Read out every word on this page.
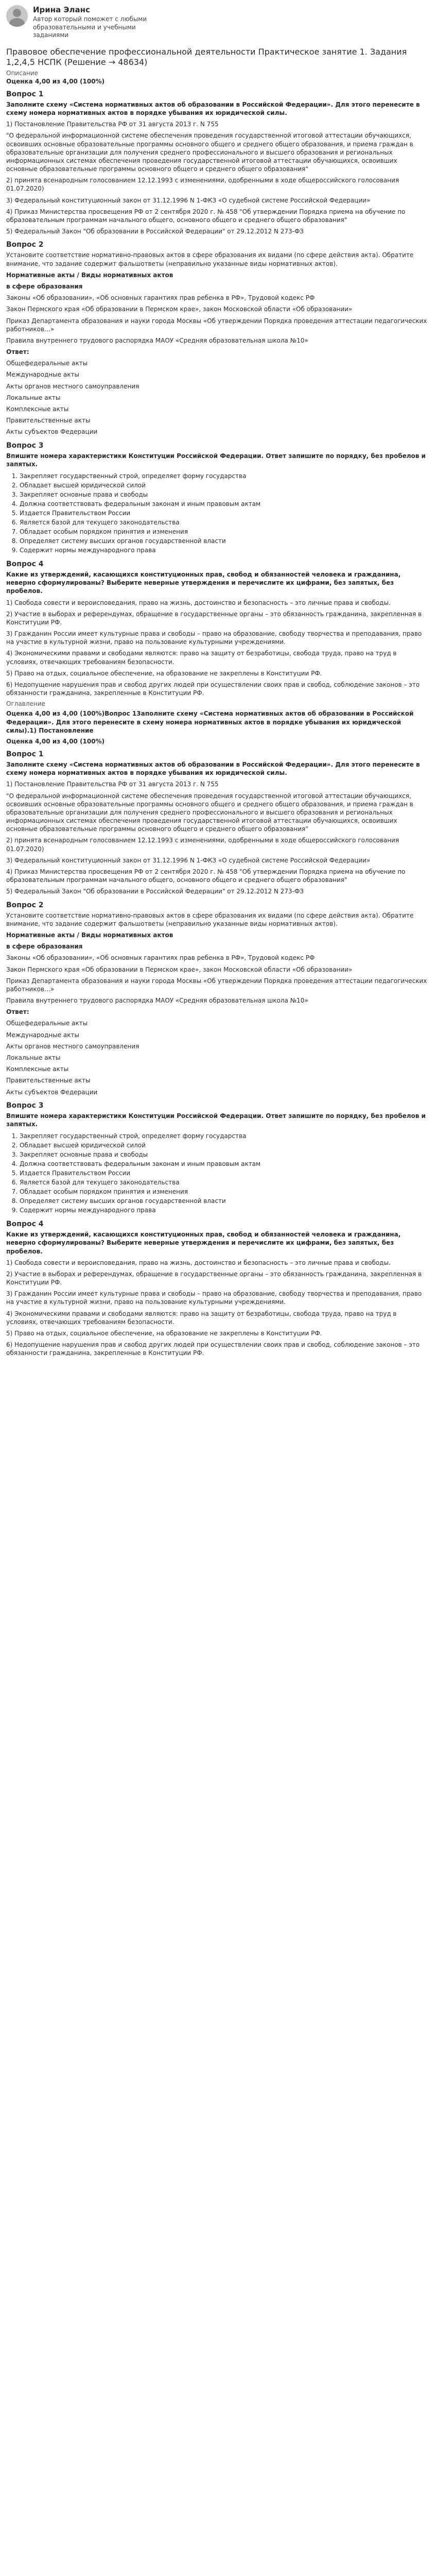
Ирина Эланс
Автор который поможет с любыми образовательными и учебными заданиями
Правовое обеспечение профессиональной деятельности Практическое занятие 1. Задания 1,2,4,5 НСПК (Решение → 48634)
Описание
Оценка 4,00 из 4,00 (100%)
Вопрос 1
Заполните схему «Система нормативных актов об образовании в Российской Федерации». Для этого перенесите в схему номера нормативных актов в порядке убывания их юридической силы.

1) Постановление Правительства РФ от 31 августа 2013 г. N 755

"О федеральной информационной системе обеспечения проведения государственной итоговой аттестации обучающихся, освоивших основные образовательные программы основного общего и среднего общего образования, и приема граждан в образовательные организации для получения среднего профессионального и высшего образования и региональных информационных системах обеспечения проведения государственной итоговой аттестации обучающихся, освоивших основные образовательные программы основного общего и среднего общего образования"

2) принята всенародным голосованием 12.12.1993 с изменениями, одобренными в ходе общероссийского голосования 01.07.2020)

3) Федеральный конституционный закон от 31.12.1996 N 1-ФКЗ «О судебной системе Российской Федерации»

4) Приказ Министерства просвещения РФ от 2 сентября 2020 г. № 458 "Об утверждении Порядка приема на обучение по образовательным программам начального общего, основного общего и среднего общего образования"

5) Федеральный Закон "Об образовании в Российской Федерации" от 29.12.2012 N 273-ФЗ

Вопрос 2

Установите соответствие нормативно-правовых актов в сфере образования их видами (по сфере действия акта). Обратите внимание, что задание содержит фальшответы (неправильно указанные виды нормативных актов).

Нормативные акты / Виды нормативных актов

в сфере образования

Законы «Об образовании», «Об основных гарантиях прав ребенка в РФ», Трудовой кодекс РФ

Закон Пермского края «Об образовании в Пермском крае», закон Московской области «Об образовании»

Приказ Департамента образования и науки города Москвы «Об утверждении Порядка проведения аттестации педагогических работников…»

Правила внутреннего трудового распорядка МАОУ «Средняя образовательная школа №10»

Ответ:

Общефедеральные акты

Международные акты

Акты органов местного самоуправления

Локальные акты

Комплексные акты

Правительственные акты

Акты субъектов Федерации

Вопрос 3
Впишите номера характеристики Конституции Российской Федерации. Ответ запишите по порядку, без пробелов и запятых.
1. Закрепляет государственный строй, определяет форму государства
2. Обладает высшей юридической силой
3. Закрепляет основные права и свободы
4. Должна соответствовать федеральным законам и иным правовым актам
5. Издается Правительством России
6. Является базой для текущего законодательства
7. Обладает особым порядком принятия и изменения
8. Определяет систему высших органов государственной власти
9. Содержит нормы международного права
Вопрос 4
Какие из утверждений, касающихся конституционных прав, свобод и обязанностей человека и гражданина, неверно сформулированы? Выберите неверные утверждения и перечислите их цифрами, без запятых, без пробелов.

1) Свобода совести и вероисповедания, право на жизнь, достоинство и безопасность – это личные права и свободы.

2) Участие в выборах и референдумах, обращение в государственные органы – это обязанность гражданина, закрепленная в Конституции РФ.

3) Гражданин России имеет культурные права и свободы – право на образование, свободу творчества и преподавания, право на участие в культурной жизни, право на пользование культурными учреждениями.

4) Экономическими правами и свободами являются: право на защиту от безработицы, свобода труда, право на труд в условиях, отвечающих требованиям безопасности.

5) Право на отдых, социальное обеспечение, на образование не закреплены в Конституции РФ.

6) Недопущение нарушения прав и свобод других людей при осуществлении своих прав и свобод, соблюдение законов – это обязанности гражданина, закрепленные в Конституции РФ.

Оглавление
Оценка 4,00 из 4,00 (100%)Вопрос 13аполните схему «Система нормативных актов об образовании в Российской Федерации». Для этого перенесите в схему номера нормативных актов в порядке убывания их юридической силы).1) Постановление
Оценка 4,00 из 4,00 (100%)
Вопрос 1
Заполните схему «Система нормативных актов об образовании в Российской Федерации». Для этого перенесите в схему номера нормативных актов в порядке убывания их юридической силы.

1) Постановление Правительства РФ от 31 августа 2013 г. N 755

"О федеральной информационной системе обеспечения проведения государственной итоговой аттестации обучающихся, освоивших основные образовательные программы основного общего и среднего общего образования, и приема граждан в образовательные организации для получения среднего профессионального и высшего образования и региональных информационных системах обеспечения проведения государственной итоговой аттестации обучающихся, освоивших основные образовательные программы основного общего и среднего общего образования"

2) принята всенародным голосованием 12.12.1993 с изменениями, одобренными в ходе общероссийского голосования 01.07.2020)

3) Федеральный конституционный закон от 31.12.1996 N 1-ФКЗ «О судебной системе Российской Федерации»

4) Приказ Министерства просвещения РФ от 2 сентября 2020 г. № 458 "Об утверждении Порядка приема на обучение по образовательным программам начального общего, основного общего и среднего общего образования"

5) Федеральный Закон "Об образовании в Российской Федерации" от 29.12.2012 N 273-ФЗ

Вопрос 2

Установите соответствие нормативно-правовых актов в сфере образования их видами (по сфере действия акта). Обратите внимание, что задание содержит фальшответы (неправильно указанные виды нормативных актов).

Нормативные акты / Виды нормативных актов

в сфере образования

Законы «Об образовании», «Об основных гарантиях прав ребенка в РФ», Трудовой кодекс РФ

Закон Пермского края «Об образовании в Пермском крае», закон Московской области «Об образовании»

Приказ Департамента образования и науки города Москвы «Об утверждении Порядка проведения аттестации педагогических работников…»

Правила внутреннего трудового распорядка МАОУ «Средняя образовательная школа №10»

Ответ:

Общефедеральные акты

Международные акты

Акты органов местного самоуправления

Локальные акты

Комплексные акты

Правительственные акты

Акты субъектов Федерации

Вопрос 3
Впишите номера характеристики Конституции Российской Федерации. Ответ запишите по порядку, без пробелов и запятых.
1. Закрепляет государственный строй, определяет форму государства
2. Обладает высшей юридической силой
3. Закрепляет основные права и свободы
4. Должна соответствовать федеральным законам и иным правовым актам
5. Издается Правительством России
6. Является базой для текущего законодательства
7. Обладает особым порядком принятия и изменения
8. Определяет систему высших органов государственной власти
9. Содержит нормы международного права
Вопрос 4
Какие из утверждений, касающихся конституционных прав, свобод и обязанностей человека и гражданина, неверно сформулированы? Выберите неверные утверждения и перечислите их цифрами, без запятых, без пробелов.

1) Свобода совести и вероисповедания, право на жизнь, достоинство и безопасность – это личные права и свободы.

2) Участие в выборах и референдумах, обращение в государственные органы – это обязанность гражданина, закрепленная в Конституции РФ.

3) Гражданин России имеет культурные права и свободы – право на образование, свободу творчества и преподавания, право на участие в культурной жизни, право на пользование культурными учреждениями.

4) Экономическими правами и свободами являются: право на защиту от безработицы, свобода труда, право на труд в условиях, отвечающих требованиям безопасности.

5) Право на отдых, социальное обеспечение, на образование не закреплены в Конституции РФ.

6) Недопущение нарушения прав и свобод других людей при осуществлении своих прав и свобод, соблюдение законов – это обязанности гражданина, закрепленные в Конституции РФ.
